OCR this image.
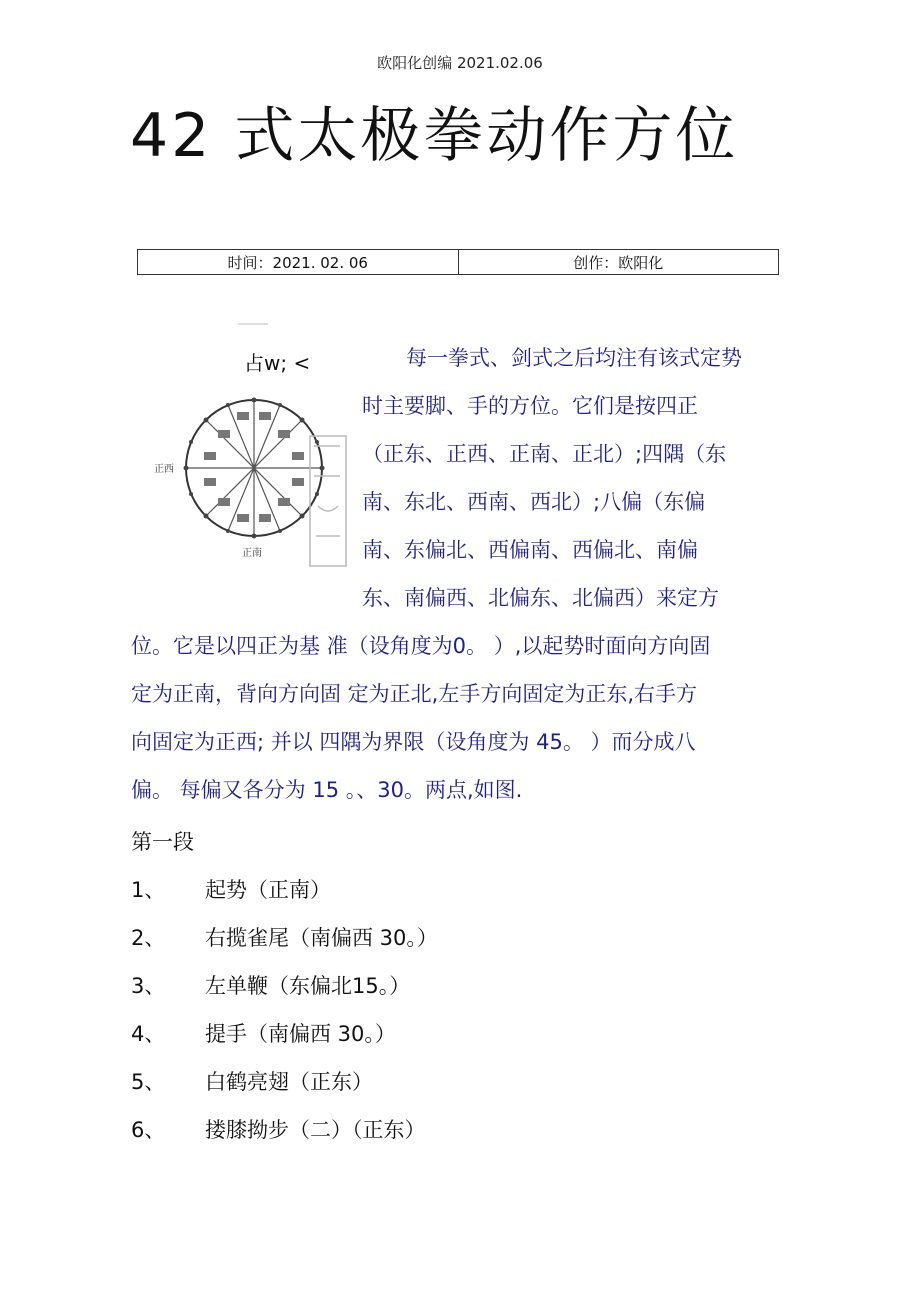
欧阳化创编 2021.02.06
42 式太极拳动作方位
时间：2021. 02. 06	创作：欧阳化
占w; <
正西
正南
每一拳式、剑式之后均注有该式定势
时主要脚、手的方位。它们是按四正
（正东、正西、正南、正北）;四隅（东
南、东北、西南、西北）;八偏（东偏
南、东偏北、西偏南、西偏北、南偏
东、南偏西、北偏东、北偏西）来定方
位。它是以四正为基 准（设角度为0。 ）,以起势时面向方向固
定为正南，背向方向固 定为正北,左手方向固定为正东,右手方
向固定为正西; 并以 四隅为界限（设角度为 45。 ）而分成八
偏。 每偏又各分为 15 。、30。两点,如图.
第一段
1、 起势（正南）
2、 右揽雀尾（南偏西 30。）
3、 左单鞭（东偏北15。）
4、 提手（南偏西 30。）
5、 白鹤亮翅（正东）
6、 搂膝拗步（二）（正东）
